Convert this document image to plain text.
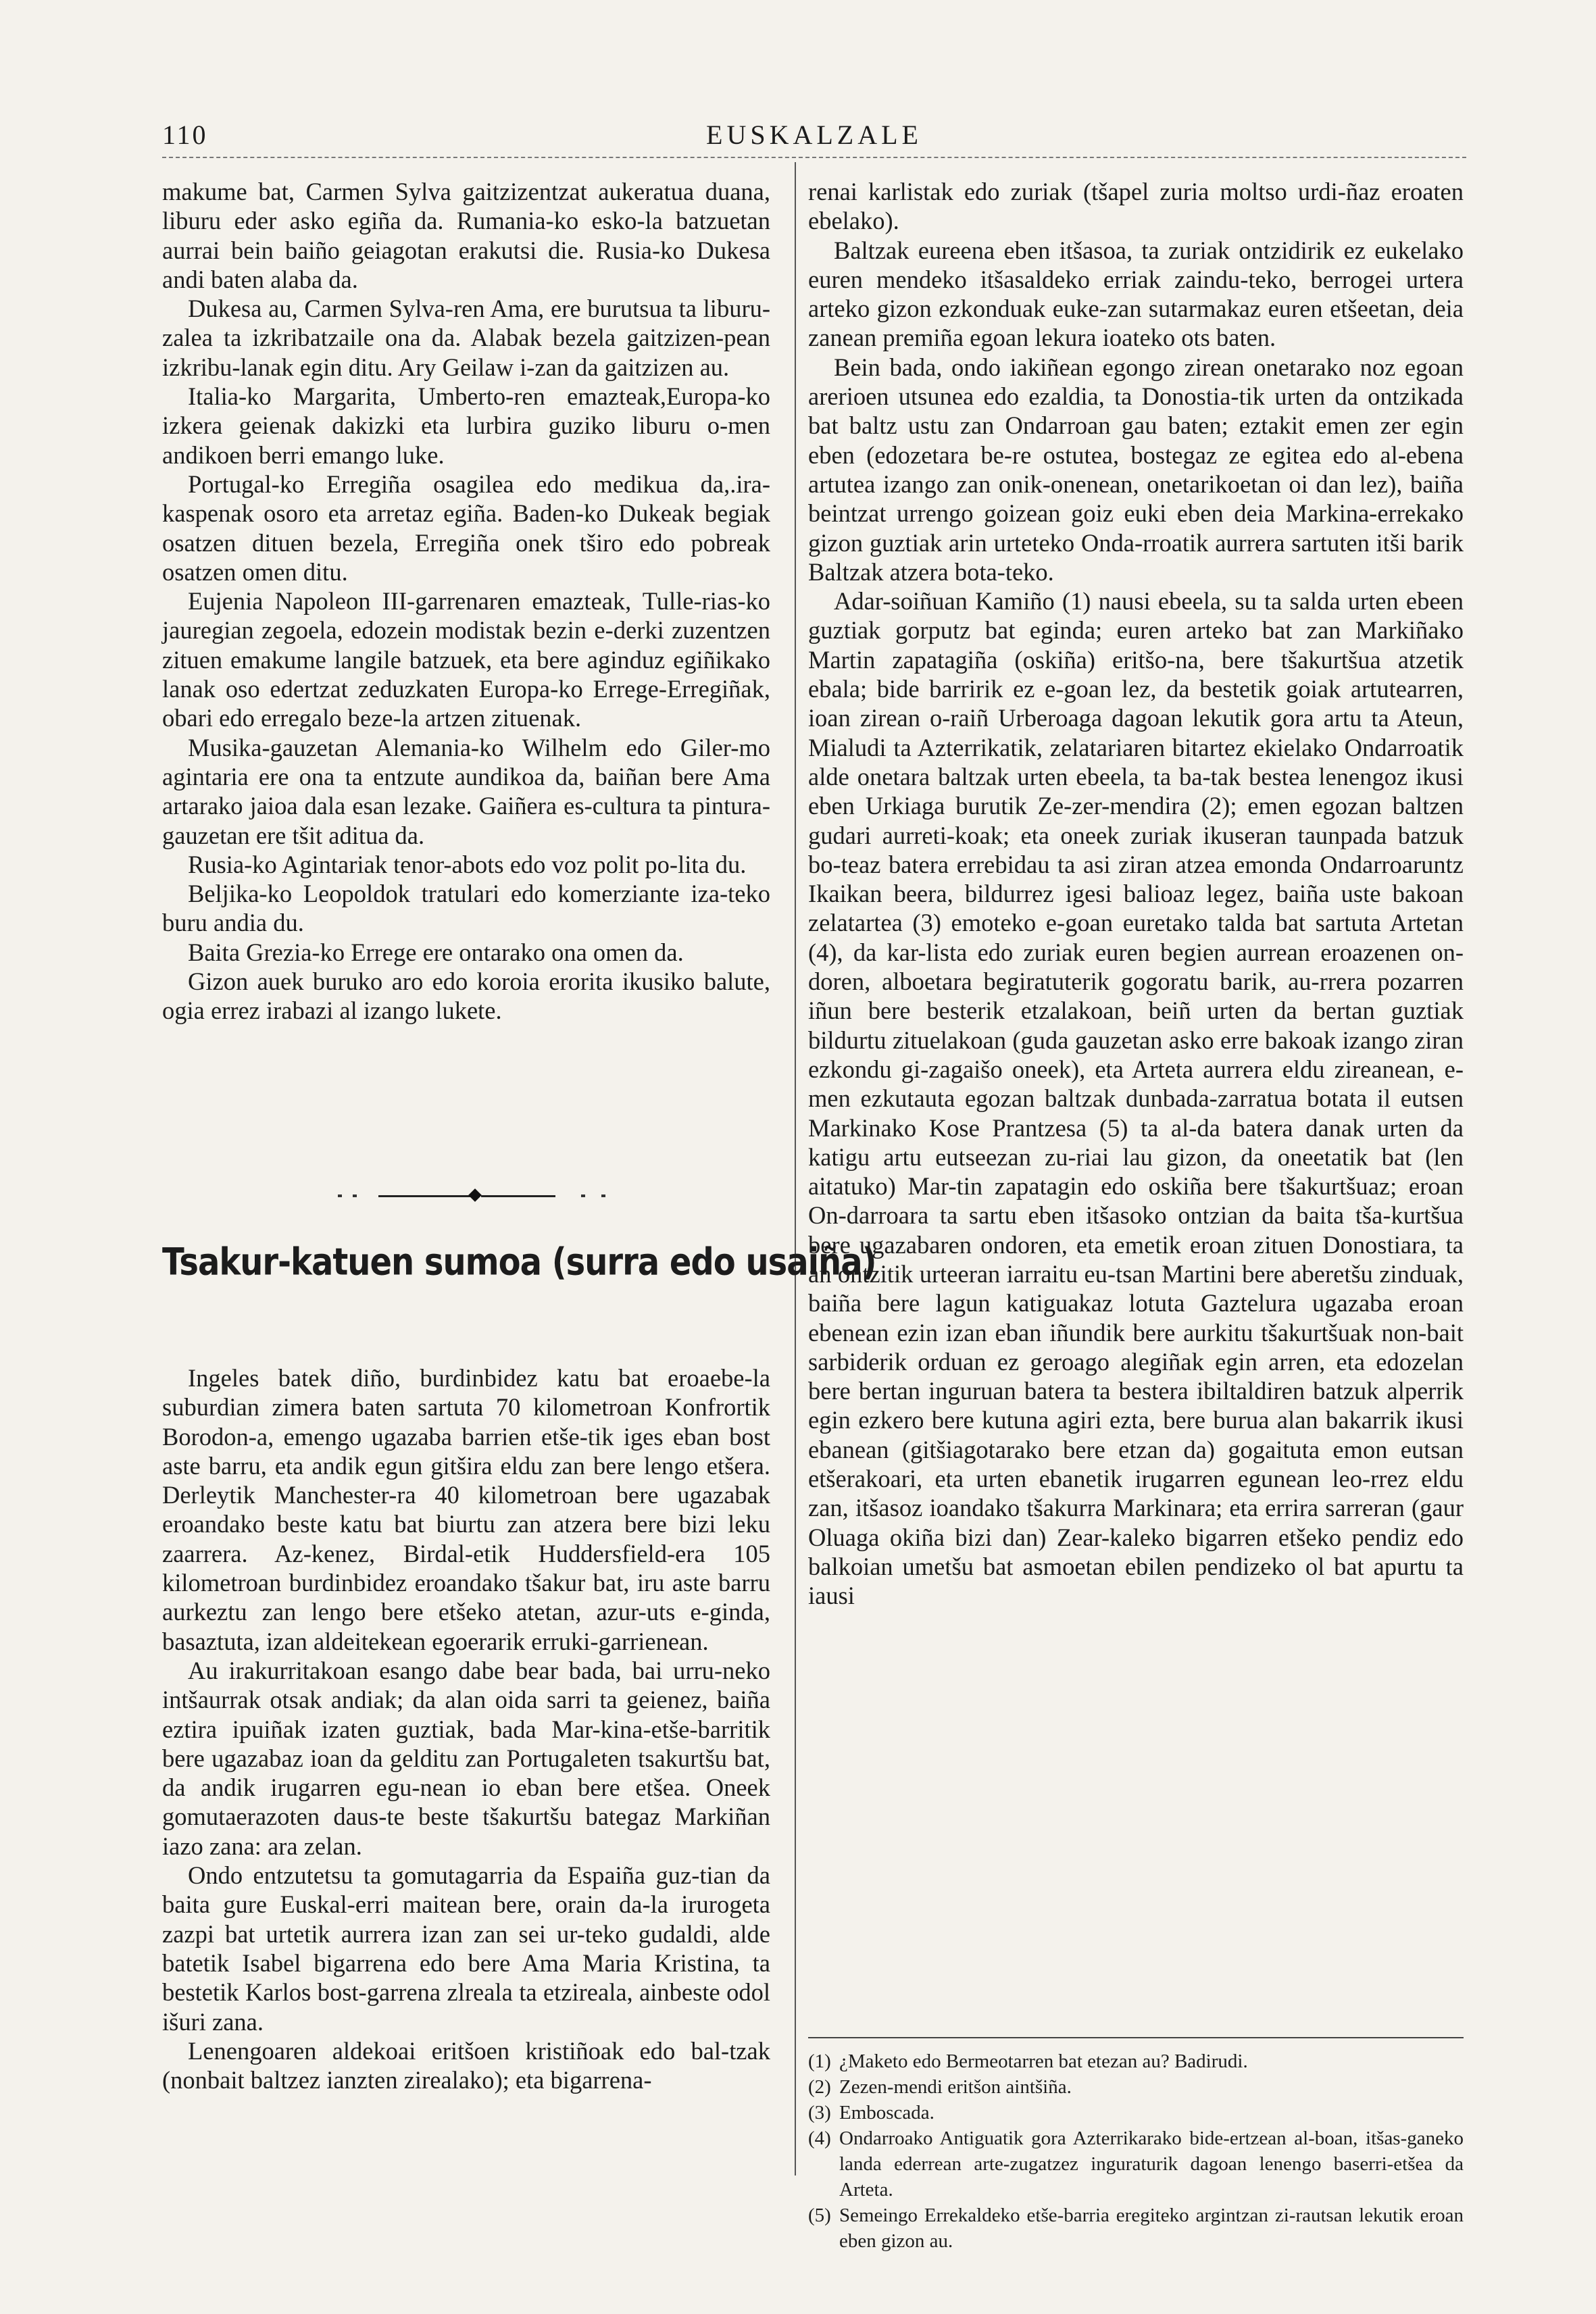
110	EUSKALZALE

makume bat, Carmen Sylva gaitzizentzat aukeratua duana, liburu eder asko egiña da. Rumania-ko esko-la batzuetan aurrai bein baiño geiagotan erakutsi die. Rusia-ko Dukesa andi baten alaba da.

Dukesa au, Carmen Sylva-ren Ama, ere burutsua ta liburu-zalea ta izkribatzaile ona da. Alabak bezela gaitzizen-pean izkribu-lanak egin ditu. Ary Geilaw i-zan da gaitzizen au.

Italia-ko Margarita, Umberto-ren emazteak,Europa-ko izkera geienak dakizki eta lurbira guziko liburu o-men andikoen berri emango luke.

Portugal-ko Erregiña osagilea edo medikua da,.ira-kaspenak osoro eta arretaz egiña. Baden-ko Dukeak begiak osatzen dituen bezela, Erregiña onek tširo edo pobreak osatzen omen ditu.

Eujenia Napoleon III-garrenaren emazteak, Tulle-rias-ko jauregian zegoela, edozein modistak bezin e-derki zuzentzen zituen emakume langile batzuek, eta bere aginduz egiñikako lanak oso edertzat zeduzkaten Europa-ko Errege-Erregiñak, obari edo erregalo beze-la artzen zituenak.

Musika-gauzetan Alemania-ko Wilhelm edo Giler-mo agintaria ere ona ta entzute aundikoa da, baiñan bere Ama artarako jaioa dala esan lezake. Gaiñera es-cultura ta pintura-gauzetan ere tšit aditua da.

Rusia-ko Agintariak tenor-abots edo voz polit po-lita du.

Beljika-ko Leopoldok tratulari edo komerziante iza-teko buru andia du.

Baita Grezia-ko Errege ere ontarako ona omen da.

Gizon auek buruko aro edo koroia erorita ikusiko balute, ogia errez irabazi al izango lukete.

Tsakur-katuen sumoa (surra edo usaiña)

Ingeles batek diño, burdinbidez katu bat eroaebe-la suburdian zimera baten sartuta 70 kilometroan Konfrortik Borodon-a, emengo ugazaba barrien etše-tik iges eban bost aste barru, eta andik egun gitšira eldu zan bere lengo etšera. Derleytik Manchester-ra 40 kilometroan bere ugazabak eroandako beste katu bat biurtu zan atzera bere bizi leku zaarrera. Az-kenez, Birdal-etik Huddersfield-era 105 kilometroan burdinbidez eroandako tšakur bat, iru aste barru aurkeztu zan lengo bere etšeko atetan, azur-uts e-ginda, basaztuta, izan aldeitekean egoerarik erruki-garrienean.

Au irakurritakoan esango dabe bear bada, bai urru-neko intšaurrak otsak andiak; da alan oida sarri ta geienez, baiña eztira ipuiñak izaten guztiak, bada Mar-kina-etše-barritik bere ugazabaz ioan da gelditu zan Portugaleten tsakurtšu bat, da andik irugarren egu-nean io eban bere etšea. Oneek gomutaerazoten daus-te beste tšakurtšu bategaz Markiñan iazo zana: ara zelan.

Ondo entzutetsu ta gomutagarria da Espaiña guz-tian da baita gure Euskal-erri maitean bere, orain da-la irurogeta zazpi bat urtetik aurrera izan zan sei ur-teko gudaldi, alde batetik Isabel bigarrena edo bere Ama Maria Kristina, ta bestetik Karlos bost-garrena zlreala ta etzireala, ainbeste odol išuri zana.

Lenengoaren aldekoai eritšoen kristiñoak edo bal-tzak (nonbait baltzez ianzten zirealako); eta bigarrena-

renai karlistak edo zuriak (tšapel zuria moltso urdi-ñaz eroaten ebelako).

Baltzak eureena eben itšasoa, ta zuriak ontzidirik ez eukelako euren mendeko itšasaldeko erriak zaindu-teko, berrogei urtera arteko gizon ezkonduak euke-zan sutarmakaz euren etšeetan, deia zanean premiña egoan lekura ioateko ots baten.

Bein bada, ondo iakiñean egongo zirean onetarako noz egoan arerioen utsunea edo ezaldia, ta Donostia-tik urten da ontzikada bat baltz ustu zan Ondarroan gau baten; eztakit emen zer egin eben (edozetara be-re ostutea, bostegaz ze egitea edo al-ebena artutea izango zan onik-onenean, onetarikoetan oi dan lez), baiña beintzat urrengo goizean goiz euki eben deia Markina-errekako gizon guztiak arin urteteko Onda-rroatik aurrera sartuten itši barik Baltzak atzera bota-teko.

Adar-soiñuan Kamiño (1) nausi ebeela, su ta salda urten ebeen guztiak gorputz bat eginda; euren arteko bat zan Markiñako Martin zapatagiña (oskiña) eritšo-na, bere tšakurtšua atzetik ebala; bide barririk ez e-goan lez, da bestetik goiak artutearren, ioan zirean o-raiñ Urberoaga dagoan lekutik gora artu ta Ateun, Mialudi ta Azterrikatik, zelatariaren bitartez ekielako Ondarroatik alde onetara baltzak urten ebeela, ta ba-tak bestea lenengoz ikusi eben Urkiaga burutik Ze-zer-mendira (2); emen egozan baltzen gudari aurreti-koak; eta oneek zuriak ikuseran taunpada batzuk bo-teaz batera errebidau ta asi ziran atzea emonda Ondarroaruntz Ikaikan beera, bildurrez igesi balioaz legez, baiña uste bakoan zelatartea (3) emoteko e-goan euretako talda bat sartuta Artetan (4), da kar-lista edo zuriak euren begien aurrean eroazenen on-doren, alboetara begiratuterik gogoratu barik, au-rrera pozarren iñun bere besterik etzalakoan, beiñ urten da bertan guztiak bildurtu zituelakoan (guda gauzetan asko erre bakoak izango ziran ezkondu gi-zagaišo oneek), eta Arteta aurrera eldu zireanean, e-men ezkutauta egozan baltzak dunbada-zarratua botata il eutsen Markinako Kose Prantzesa (5) ta al-da batera danak urten da katigu artu eutseezan zu-riai lau gizon, da oneetatik bat (len aitatuko) Mar-tin zapatagin edo oskiña bere tšakurtšuaz; eroan On-darroara ta sartu eben itšasoko ontzian da baita tša-kurtšua bere ugazabaren ondoren, eta emetik eroan zituen Donostiara, ta an ontzitik urteeran iarraitu eu-tsan Martini bere aberetšu zinduak, baiña bere lagun katiguakaz lotuta Gaztelura ugazaba eroan ebenean ezin izan eban iñundik bere aurkitu tšakurtšuak non-bait sarbiderik orduan ez geroago alegiñak egin arren, eta edozelan bere bertan inguruan batera ta bestera ibiltaldiren batzuk alperrik egin ezkero bere kutuna agiri ezta, bere burua alan bakarrik ikusi ebanean (gitšiagotarako bere etzan da) gogaituta emon eutsan etšerakoari, eta urten ebanetik irugarren egunean leo-rrez eldu zan, itšasoz ioandako tšakurra Markinara; eta errira sarreran (gaur Oluaga okiña bizi dan) Zear-kaleko bigarren etšeko pendiz edo balkoian umetšu bat asmoetan ebilen pendizeko ol bat apurtu ta iausi

(1) ¿Maketo edo Bermeotarren bat etezan au? Badirudi.

(2) Zezen-mendi eritšon aintšiña.

(3) Emboscada.

(4) Ondarroako Antiguatik gora Azterrikarako bide-ertzean al-boan, itšas-ganeko landa ederrean arte-zugatzez inguraturik dagoan lenengo baserri-etšea da Arteta.

(5) Semeingo Errekaldeko etše-barria eregiteko argintzan zi-rautsan lekutik eroan eben gizon au.
